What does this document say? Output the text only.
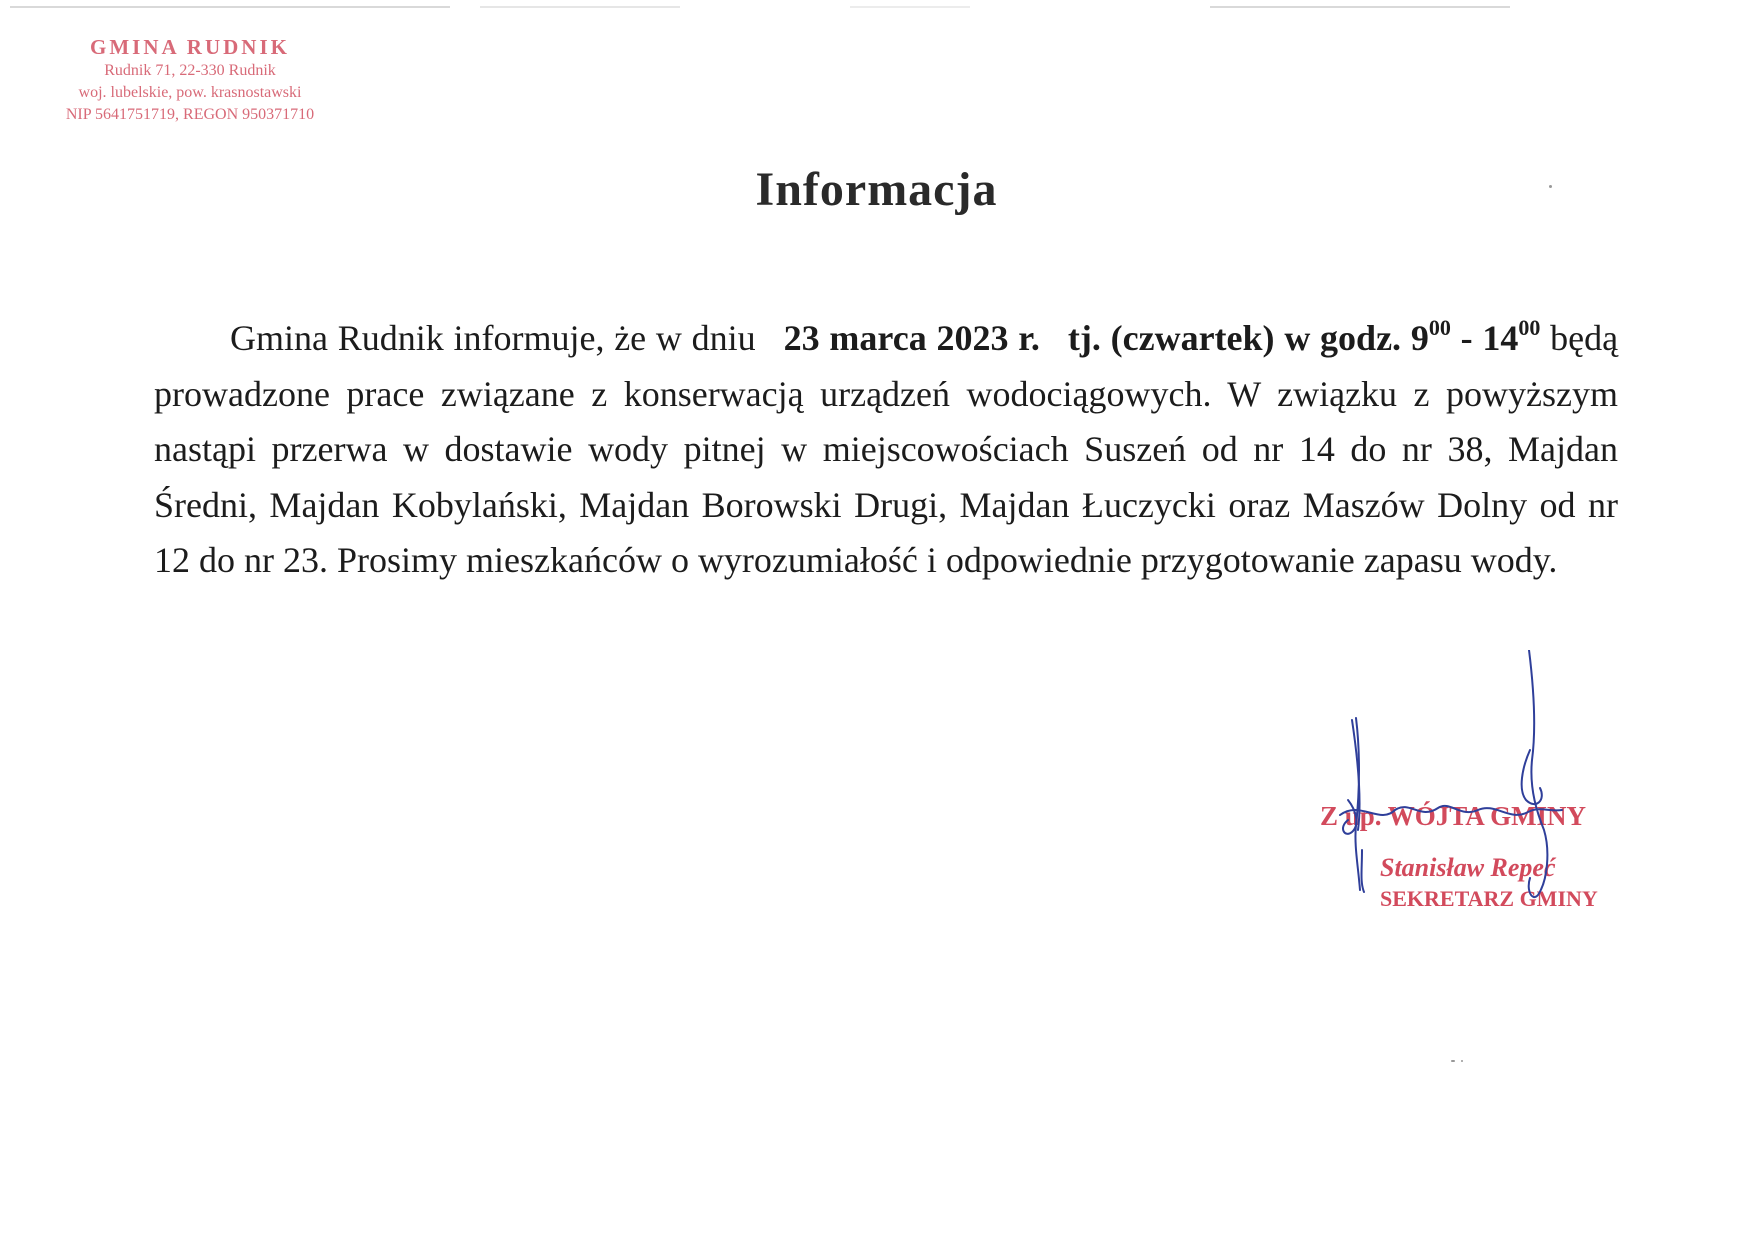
GMINA RUDNIK
Rudnik 71, 22-330 Rudnik
woj. lubelskie, pow. krasnostawski
NIP 5641751719, REGON 950371710
Informacja

Gmina Rudnik informuje, że w dniu 23 marca 2023 r. tj. (czwartek) w godz. $9^{00} - 14^{00}$ będą prowadzone prace związane z konserwacją urządzeń wodociągowych. W związku z powyższym nastąpi przerwa w dostawie wody pitnej w miejscowościach Suszeń od nr 14 do nr 38, Majdan Średni, Majdan Kobylański, Majdan Borowski Drugi, Majdan Łuczycki oraz Maszów Dolny od nr 12 do nr 23. Prosimy mieszkańców o wyrozumiałość i odpowiednie przygotowanie zapasu wody.

Z up. WÓJTA GMINY
Stanisław Repeć
SEKRETARZ GMINY
